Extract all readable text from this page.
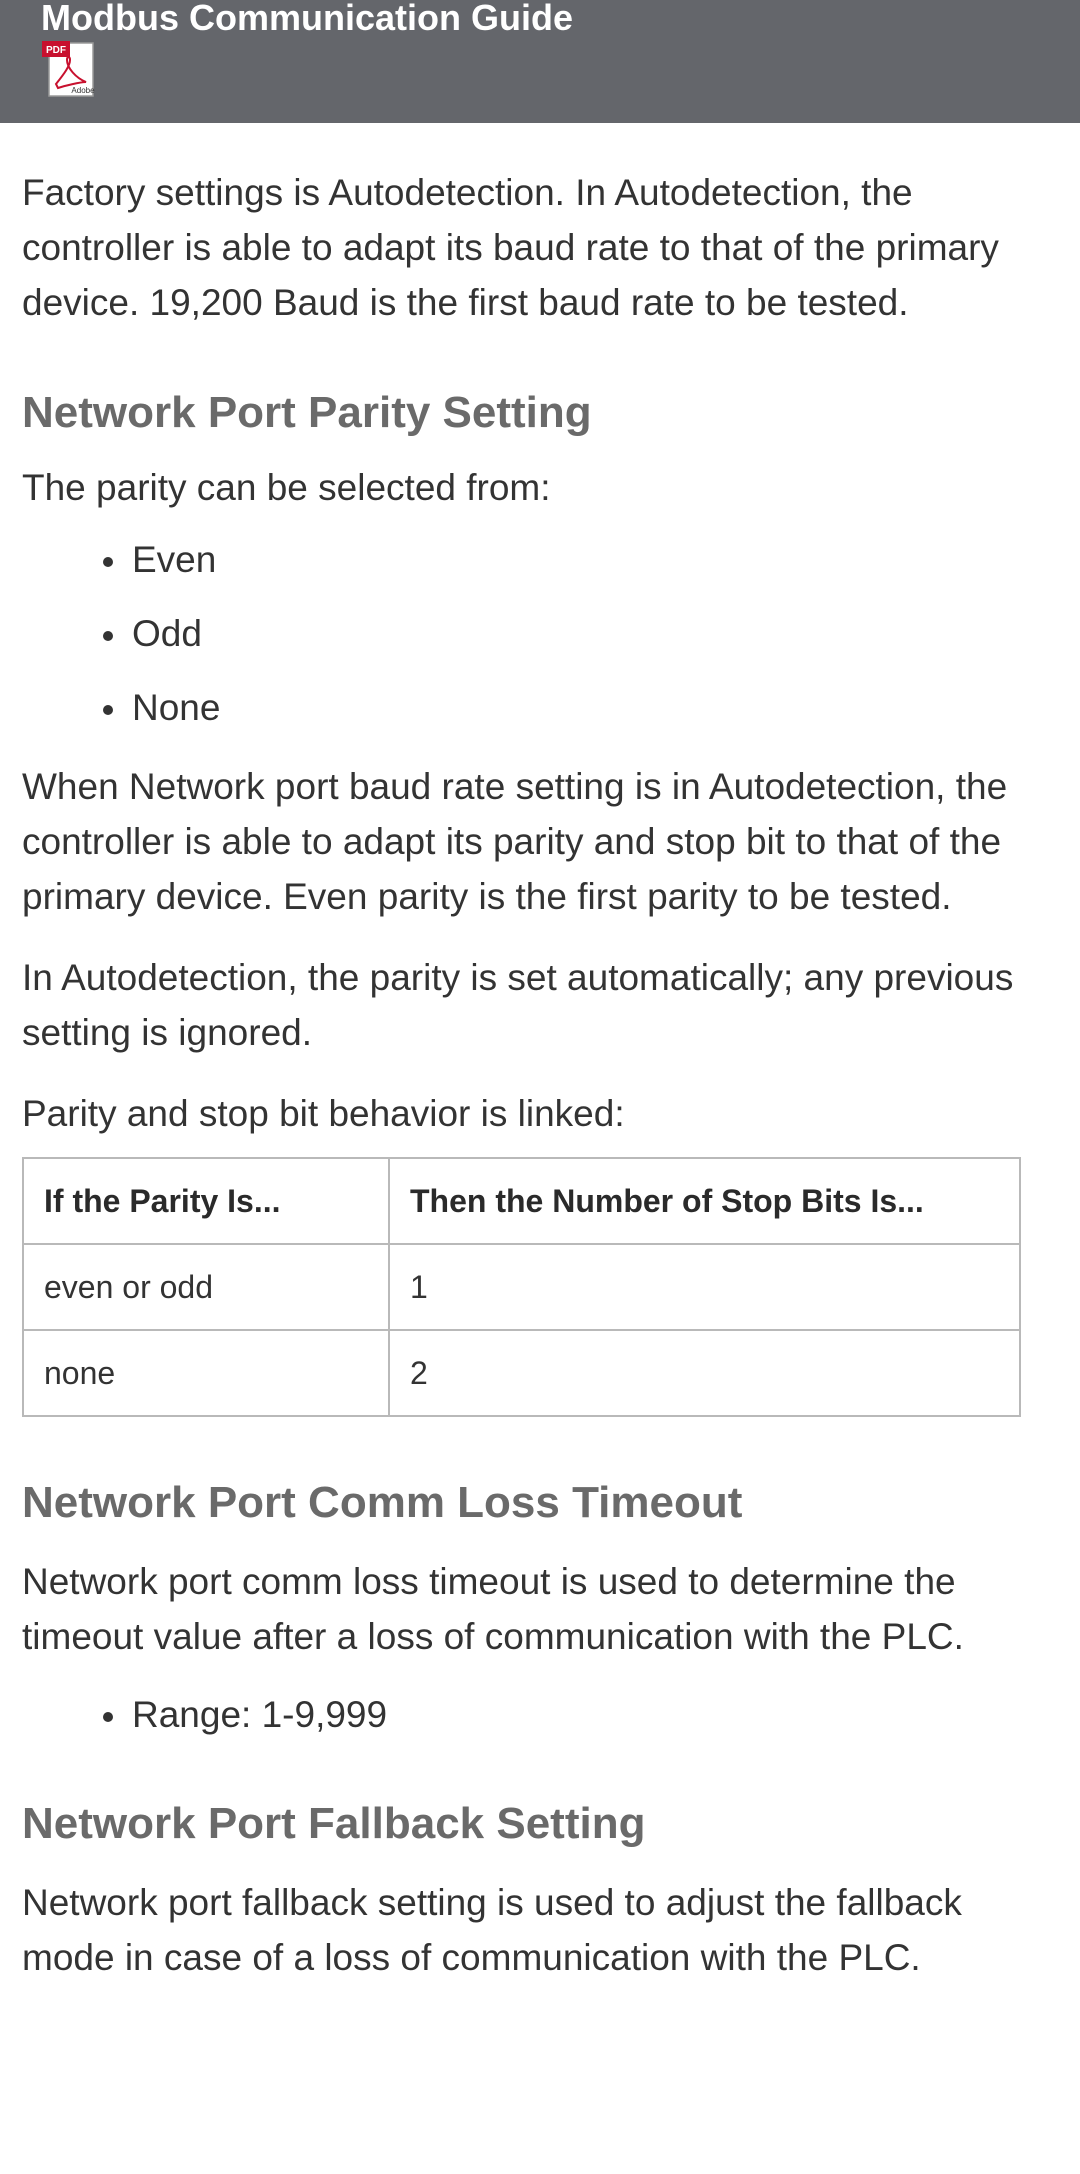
Modbus Communication Guide
PDF
Adobe

Factory settings is Autodetection. In Autodetection, the controller is able to adapt its baud rate to that of the primary device. 19,200 Baud is the first baud rate to be tested.

Network Port Parity Setting

The parity can be selected from:

Even
Odd
None

When Network port baud rate setting is in Autodetection, the controller is able to adapt its parity and stop bit to that of the primary device. Even parity is the first parity to be tested.

In Autodetection, the parity is set automatically; any previous setting is ignored.

Parity and stop bit behavior is linked:

If the Parity Is...	Then the Number of Stop Bits Is...
even or odd	1
none	2
Network Port Comm Loss Timeout

Network port comm loss timeout is used to determine the timeout value after a loss of communication with the PLC.

Range: 1-9,999
Network Port Fallback Setting

Network port fallback setting is used to adjust the fallback mode in case of a loss of communication with the PLC.
